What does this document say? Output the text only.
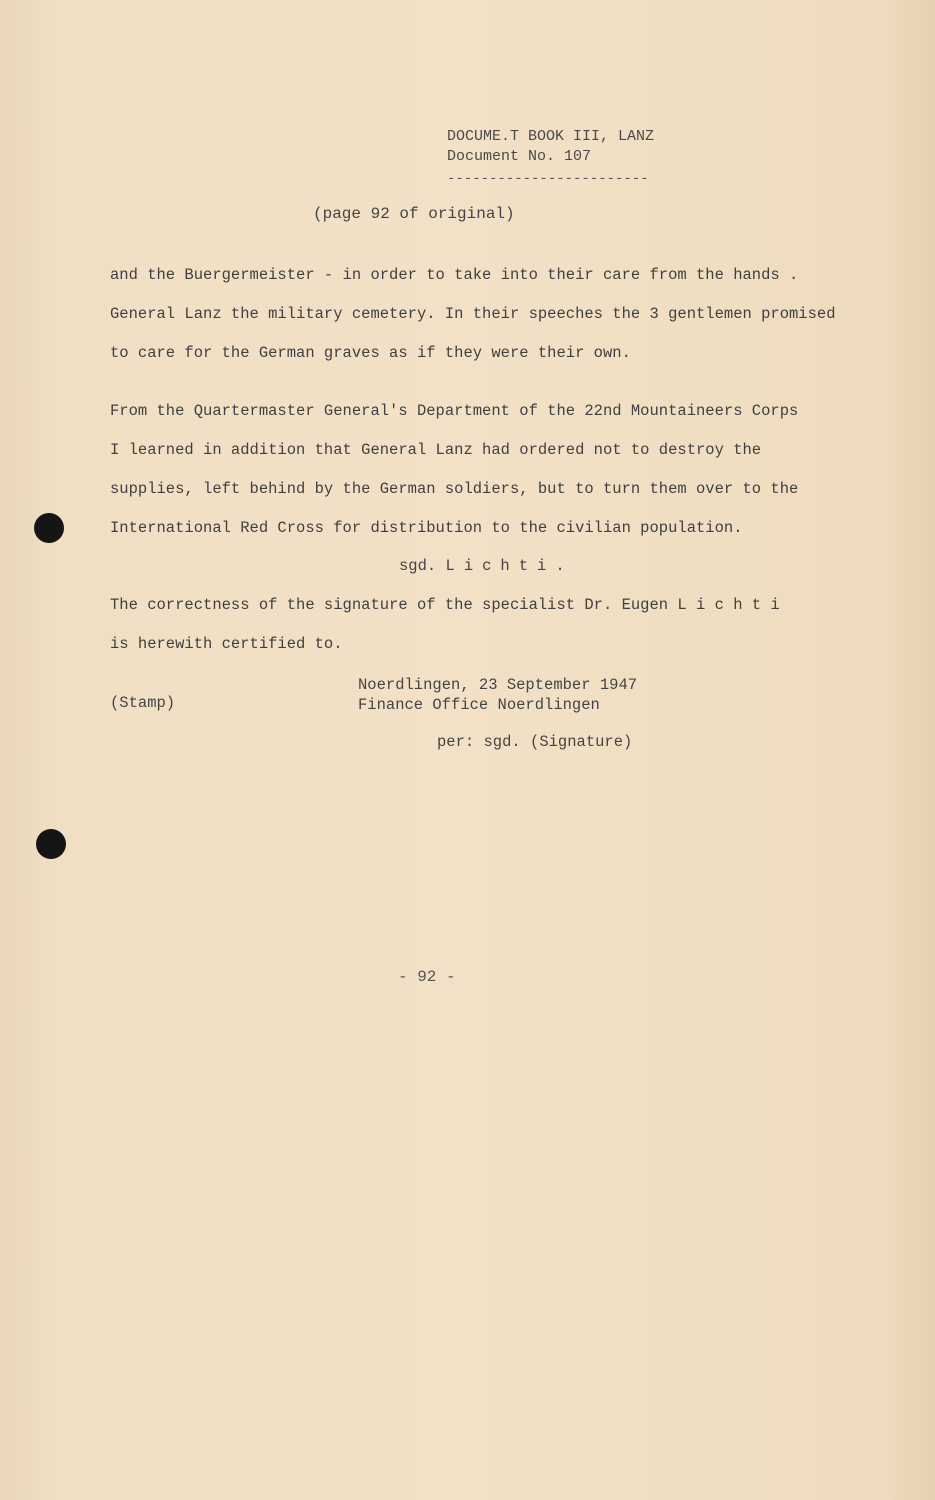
DOCUME.T BOOK III, LANZ
Document No. 107
------------------------
(page 92 of original)
and the Buergermeister - in order to take into their care from the hands .
General Lanz the military cemetery. In their speeches the 3 gentlemen promised
to care for the German graves as if they were their own.
From the Quartermaster General's Department of the 22nd Mountaineers Corps
I learned in addition that General Lanz had ordered not to destroy the
supplies, left behind by the German soldiers, but to turn them over to the
International Red Cross for distribution to the civilian population.
sgd. Lichti.
The correctness of the signature of the specialist Dr. Eugen L i c h t i
is herewith certified to.
(Stamp)
Noerdlingen, 23 September 1947
Finance Office Noerdlingen
per: sgd. (Signature)
- 92 -
